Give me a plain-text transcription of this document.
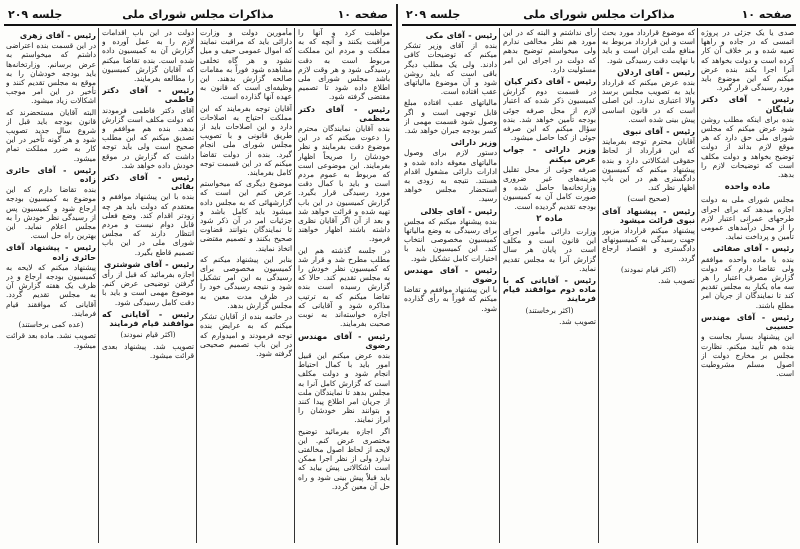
صفحه ۱۰
مذاکرات مجلس شورای ملی
جلسه ۲۰۹

مواظبت کرد و آنها را مراقبت بکنند و آنچه که به مملکت و مردم این مملکت مربوط است به دقت رسیدگی شود و هر وقت لازم باشد مجلس شورای ملی اطلاع داده شود تا تصمیم مقتضی گرفته شود.

رئیس - آقای دکتر معظمی

بنده آقایان نمایندگان محترم را دعوت میکنم که در این موضوع دقت بفرمایند و نظر خودشان را صریحاً اظهار بفرمایند. این موضوعی است که مربوط به عموم مردم است و باید با کمال دقت مورد رسیدگی قرار بگیرد. گزارش کمیسیون در این باب تهیه شده و قرائت خواهد شد و بعد از آن اگر آقایان نظری داشته باشند اظهار خواهند فرمود.

در جلسه گذشته هم این مطلب مطرح شد و قرار شد که کمیسیون نظر خودش را به مجلس تقدیم کند. حالا که گزارش رسیده است بنده تقاضا میکنم که به ترتیب مذاکره شود و آقایانی که اجازه خواسته‌اند به نوبت صحبت بفرمایند.

رئیس - آقای مهندس رضوی

بنده عرض میکنم این قبیل امور باید با کمال احتیاط انجام شود و دولت مکلف است که گزارش کامل آنرا به مجلس بدهد تا نمایندگان ملت از جریان امر اطلاع پیدا کنند و بتوانند نظر خودشان را ابراز نمایند.

اگر اجازه بفرمائید توضیح مختصری عرض کنم. این لایحه از لحاظ اصول مخالفتی ندارد ولی از نظر اجرا ممکن است اشکالاتی پیش بیاید که باید قبلاً پیش بینی شود و راه حل آن معین گردد.

مأمورین دولت و وزارت دارائی باید که مراقبت نمایند که اموال عمومی حیف و میل نشود و هر گاه تخلفی مشاهده شود فوراً به مقامات صالحه گزارش بدهند. این وظیفه‌ای است که قانون به عهده آنها گذارده است.

آقایان توجه بفرمایند که این مملکت احتیاج به اصلاحات دارد و این اصلاحات باید از طریق قانونی و با تصویب مجلس شورای ملی انجام گیرد. بنده از دولت تقاضا میکنم که در این قسمت توجه کامل بفرمایند.

موضوع دیگری که میخواستم عرض کنم این است که گزارشهائی که به مجلس داده میشود باید کامل باشد و جزئیات امر در آن ذکر شود تا نمایندگان بتوانند قضاوت صحیح بکنند و تصمیم مقتضی اتخاذ نمایند.

بنابر این پیشنهاد میکنم که کمیسیون مخصوصی برای رسیدگی به این امر تشکیل شود و نتیجه رسیدگی خود را در ظرف مدت معین به مجلس گزارش بدهد.

در خاتمه بنده از آقایان تشکر میکنم که به عرایض بنده توجه فرمودند و امیدوارم که در این باب تصمیم صحیحی گرفته شود.

دولت در این باب اقدامات لازم را به عمل آورده و گزارش آن به کمیسیون داده شده است. بنده تقاضا میکنم که آقایان گزارش کمیسیون را مطالعه بفرمایند.

رئیس - آقای دکتر فاطمی

آقای دکتر فاطمی فرمودند که دولت مکلف است گزارش بدهد. بنده هم موافقم و تصدیق میکنم که این مطلب صحیح است ولی باید توجه داشت که گزارش در موقع خودش داده خواهد شد.

رئیس - آقای دکتر بقائی

بنده با این پیشنهاد موافقم و معتقدم که دولت باید هر چه زودتر اقدام کند. وضع فعلی قابل دوام نیست و مردم انتظار دارند که مجلس شورای ملی در این باب تصمیم قاطع بگیرد.

رئیس - آقای شوشتری

اجازه بفرمائید که قبل از رأی گرفتن توضیحی عرض کنم. موضوع مهمی است و باید با دقت کامل رسیدگی شود.

رئیس - آقایانی که موافقند قیام فرمایند
(اکثر قیام نمودند)

تصویب شد. پیشنهاد بعدی قرائت میشود.

رئیس - آقای زهری

در این قسمت بنده اعتراضی داشتم که میخواستم به عرض برسانم. وزارتخانه‌ها باید بودجه خودشان را به موقع به مجلس تقدیم کنند و تأخیر در این امر موجب اشکالات زیاد میشود.

البته آقایان مستحضرند که قانون بودجه باید قبل از شروع سال جدید تصویب شود و هر گونه تأخیر در این کار به ضرر مملکت تمام میشود.

رئیس - آقای حائری زاده

بنده تقاضا دارم که این موضوع به کمیسیون بودجه ارجاع شود و کمیسیون پس از رسیدگی نظر خودش را به مجلس اعلام نماید. این بهترین راه حل است.

رئیس - پیشنهاد آقای حائری زاده

پیشنهاد میکنم که لایحه به کمیسیون بودجه ارجاع و در ظرف یک هفته گزارش آن به مجلس تقدیم گردد. آقایانی که موافقند قیام فرمایند.

(عده کمی برخاستند)

تصویب نشد. ماده بعد قرائت میشود.

صفحه ۱۰
مذاکرات مجلس شورای ملی
جلسه ۲۰۹

صدی یا یک جزئی در پروژه اتمسی که در جاده و راهها تعبیه شده و بر خلاف آن کار کرده است و دولت بخواهد که آنرا اجرا بکند بنده عرض میکنم که این موضوع باید مورد رسیدگی قرار گیرد.

رئیس - آقای دکتر شایگان

بنده برای اینکه مطلب روشن شود عرض میکنم که مجلس شورای ملی حق دارد که هر موقع لازم بداند از دولت توضیح بخواهد و دولت مکلف است که توضیحات لازم را بدهد.

ماده واحده

مجلس شورای ملی به دولت اجازه میدهد که برای اجرای طرحهای عمرانی اعتبار لازم را از محل درآمدهای عمومی تأمین و پرداخت نماید.

رئیس - آقای صفائی

بنده با ماده واحده موافقم ولی تقاضا دارم که دولت گزارش مصرف اعتبار را هر سه ماه یکبار به مجلس تقدیم کند تا نمایندگان از جریان امر مطلع باشند.

رئیس - آقای مهندس حسیبی

این پیشنهاد بسیار بجاست و بنده هم تأیید میکنم. نظارت مجلس بر مخارج دولت از اصول مسلم مشروطیت است.

که موضوع قرارداد مورد بحث است و این قرارداد مربوط به منافع ملت ایران است و باید با نهایت دقت رسیدگی شود.

رئیس - آقای اردلان

بنده عرض میکنم که قرارداد باید به تصویب مجلس برسد والا اعتباری ندارد. این اصلی است که در قانون اساسی پیش بینی شده است.

رئیس - آقای نبوی

آقایان محترم توجه بفرمایند که این قرارداد از لحاظ حقوقی اشکالاتی دارد و بنده پیشنهاد میکنم که کمیسیون دادگستری هم در این باب اظهار نظر کند.

(صحیح است)
رئیس - پیشنهاد آقای نبوی قرائت میشود

پیشنهاد میکنم قرارداد مزبور جهت رسیدگی به کمیسیونهای دادگستری و اقتصاد ارجاع گردد.

(اکثر قیام نمودند)

تصویب شد.

رأی نداشتم و البته که در این مورد هم نظر مخالفی ندارم ولی میخواستم توضیح بدهم که دولت در اجرای این امر مسئولیت دارد.

رئیس - آقای دکتر کیان

در قسمت دوم گزارش کمیسیون ذکر شده که اعتبار لازم از محل صرفه جوئی بودجه تأمین خواهد شد. بنده سؤال میکنم که این صرفه جوئی از کجا حاصل میشود.

وزیر دارائی - جواب عرض میکنم

صرفه جوئی از محل تقلیل هزینه‌های غیر ضروری وزارتخانه‌ها حاصل شده و صورت کامل آن به کمیسیون بودجه تقدیم گردیده است.

ماده ۲

وزارت دارائی مأمور اجرای این قانون است و مکلف است در پایان هر سال گزارش آنرا به مجلس تقدیم نماید.

رئیس - آقایانی که با ماده دوم موافقند قیام فرمایند
(اکثر برخاستند)

تصویب شد.

رئیس - آقای مکی

بنده از آقای وزیر تشکر میکنم که توضیحات کافی دادند. ولی یک مطلب دیگر باقی است که باید روشن شود و آن موضوع مالیاتهای عقب افتاده است.

مالیاتهای عقب افتاده مبلغ قابل توجهی است و اگر وصول شود قسمت مهمی از کسر بودجه جبران خواهد شد.

وزیر دارائی

دستور لازم برای وصول مالیاتهای معوقه داده شده و ادارات دارائی مشغول اقدام هستند. نتیجه به زودی به استحضار مجلس خواهد رسید.

رئیس - آقای جلالی

بنده پیشنهاد میکنم که مجلس برای رسیدگی به وضع مالیاتها کمیسیون مخصوصی انتخاب کند. این کمیسیون باید با اختیارات کامل تشکیل شود.

رئیس - آقای مهندس رضوی

با این پیشنهاد موافقم و تقاضا میکنم که فوراً به رأی گذارده شود.
